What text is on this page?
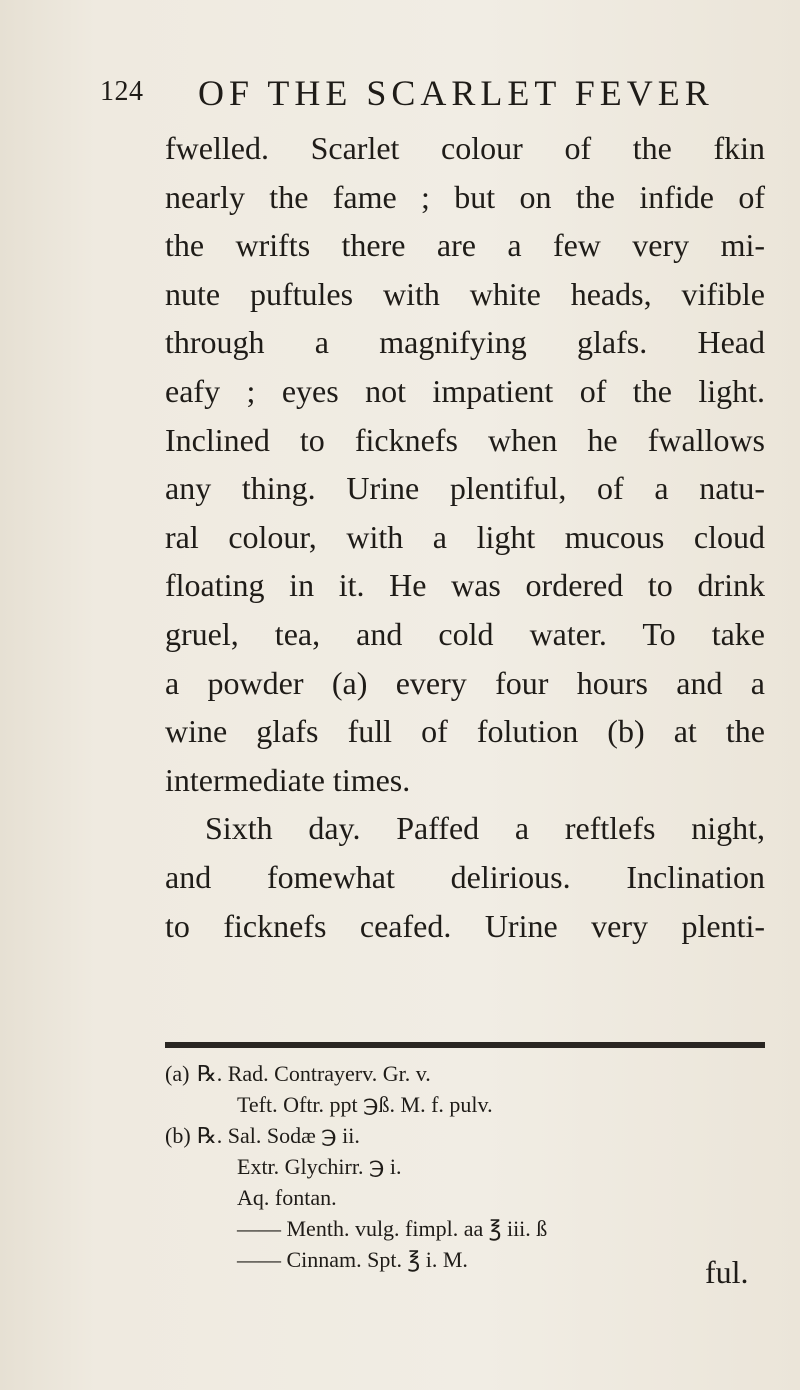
124 OF THE SCARLET FEVER
fwelled. Scarlet colour of the fkin
nearly the fame ; but on the infide of
the wrifts there are a few very mi-
nute puftules with white heads, vifible
through a magnifying glafs. Head
eafy ; eyes not impatient of the light.
Inclined to ficknefs when he fwallows
any thing. Urine plentiful, of a natu-
ral colour, with a light mucous cloud
floating in it. He was ordered to drink
gruel, tea, and cold water. To take
a powder (a) every four hours and a
wine glafs full of folution (b) at the
intermediate times.
Sixth day. Paffed a reftlefs night,
and fomewhat delirious. Inclination
to ficknefs ceafed. Urine very plenti-
(a) ℞. Rad. Contrayerv. Gr. v.
Teft. Oftr. ppt ℈ß. M. f. pulv.
(b) ℞. Sal. Sodæ ℈ ii.
Extr. Glychirr. ℈ i.
Aq. fontan.
—— Menth. vulg. fimpl. aa ℥ iii. ß
—— Cinnam. Spt. ℥ i. M.	ful.
